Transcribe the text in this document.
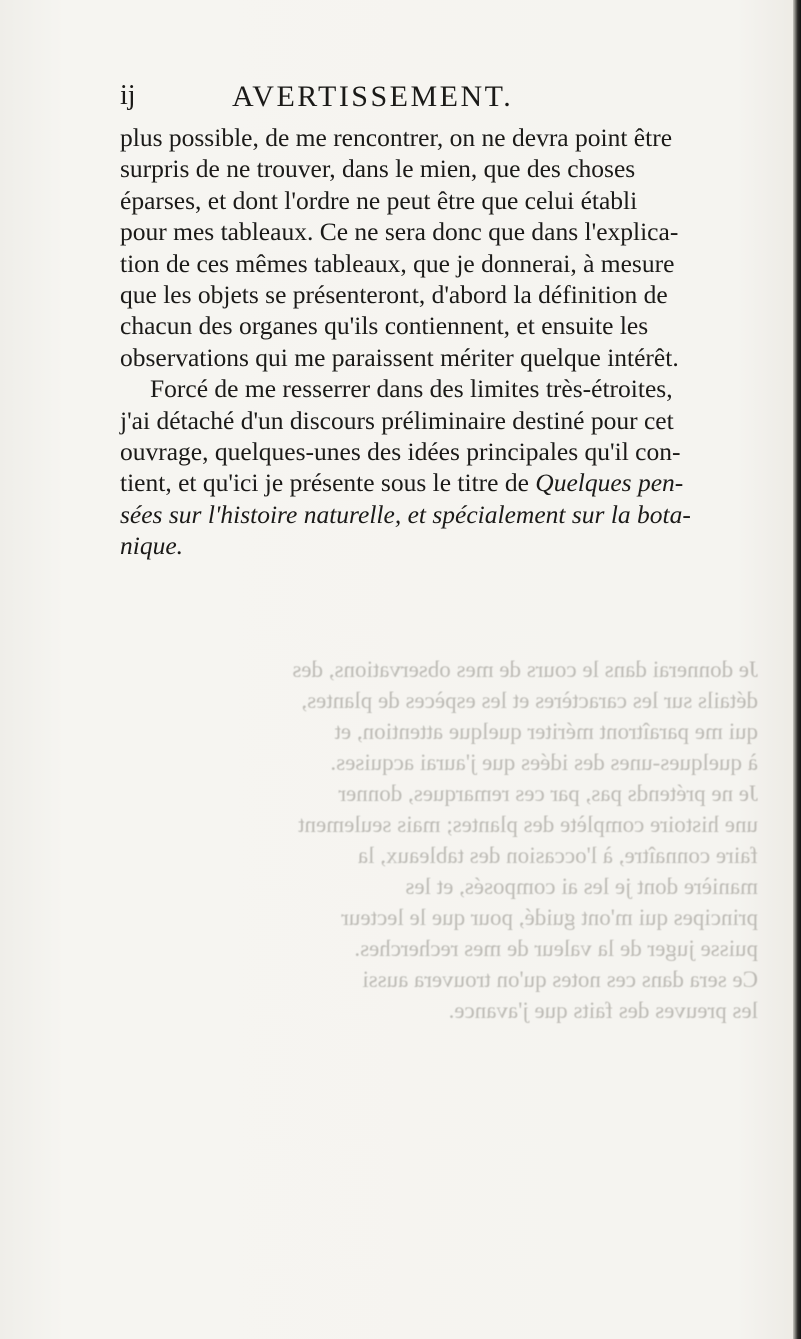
ij	AVERTISSEMENT.

plus possible, de me rencontrer, on ne devra point être
surpris de ne trouver, dans le mien, que des choses
éparses, et dont l'ordre ne peut être que celui établi
pour mes tableaux. Ce ne sera donc que dans l'explica-
tion de ces mêmes tableaux, que je donnerai, à mesure
que les objets se présenteront, d'abord la définition de
chacun des organes qu'ils contiennent, et ensuite les
observations qui me paraissent mériter quelque intérêt.

Forcé de me resserrer dans des limites très-étroites,
j'ai détaché d'un discours préliminaire destiné pour cet
ouvrage, quelques-unes des idées principales qu'il con-
tient, et qu'ici je présente sous le titre de Quelques pen-
sées sur l'histoire naturelle, et spécialement sur la bota-
nique.

Je donnerai dans le cours de mes observations, des
détails sur les caractères et les espèces de plantes,
qui me paraîtront mériter quelque attention, et
à quelques-unes des idées que j'aurai acquises.
Je ne prétends pas, par ces remarques, donner
une histoire complète des plantes; mais seulement
faire connaître, à l'occasion des tableaux, la
manière dont je les ai composés, et les
principes qui m'ont guidé, pour que le lecteur
puisse juger de la valeur de mes recherches.
Ce sera dans ces notes qu'on trouvera aussi
les preuves des faits que j'avance.
